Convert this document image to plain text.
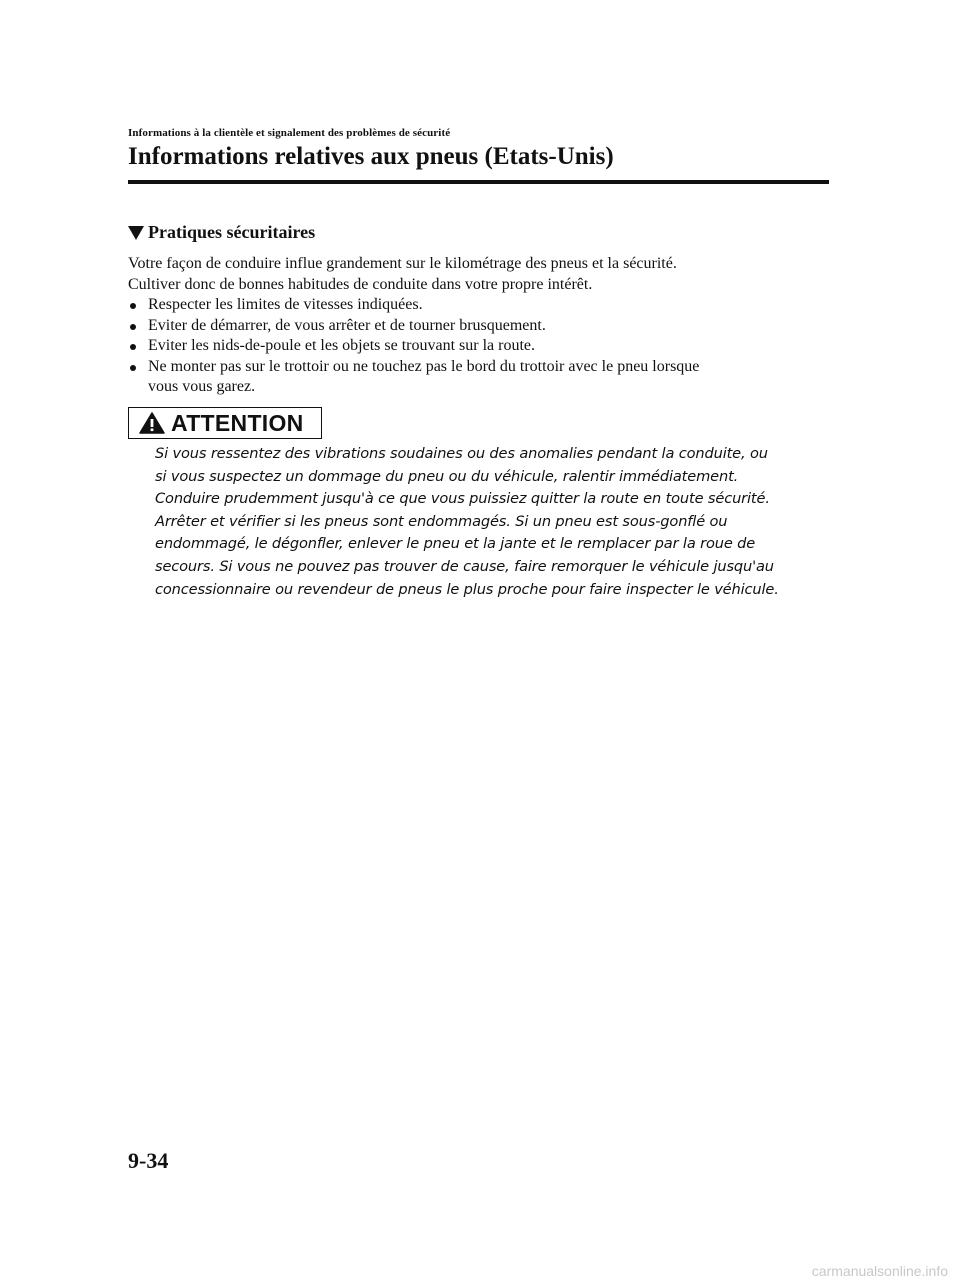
Informations à la clientèle et signalement des problèmes de sécurité
Informations relatives aux pneus (Etats-Unis)
Pratiques sécuritaires

Votre façon de conduire influe grandement sur le kilométrage des pneus et la sécurité.

Cultiver donc de bonnes habitudes de conduite dans votre propre intérêt.

Respecter les limites de vitesses indiquées.
Eviter de démarrer, de vous arrêter et de tourner brusquement.
Eviter les nids-de-poule et les objets se trouvant sur la route.
Ne monter pas sur le trottoir ou ne touchez pas le bord du trottoir avec le pneu lorsque
vous vous garez.
ATTENTION
Si vous ressentez des vibrations soudaines ou des anomalies pendant la conduite, ou
si vous suspectez un dommage du pneu ou du véhicule, ralentir immédiatement.
Conduire prudemment jusqu'à ce que vous puissiez quitter la route en toute sécurité.
Arrêter et vérifier si les pneus sont endommagés. Si un pneu est sous-gonflé ou
endommagé, le dégonfler, enlever le pneu et la jante et le remplacer par la roue de
secours. Si vous ne pouvez pas trouver de cause, faire remorquer le véhicule jusqu'au
concessionnaire ou revendeur de pneus le plus proche pour faire inspecter le véhicule.
9-34
carmanualsonline.info
